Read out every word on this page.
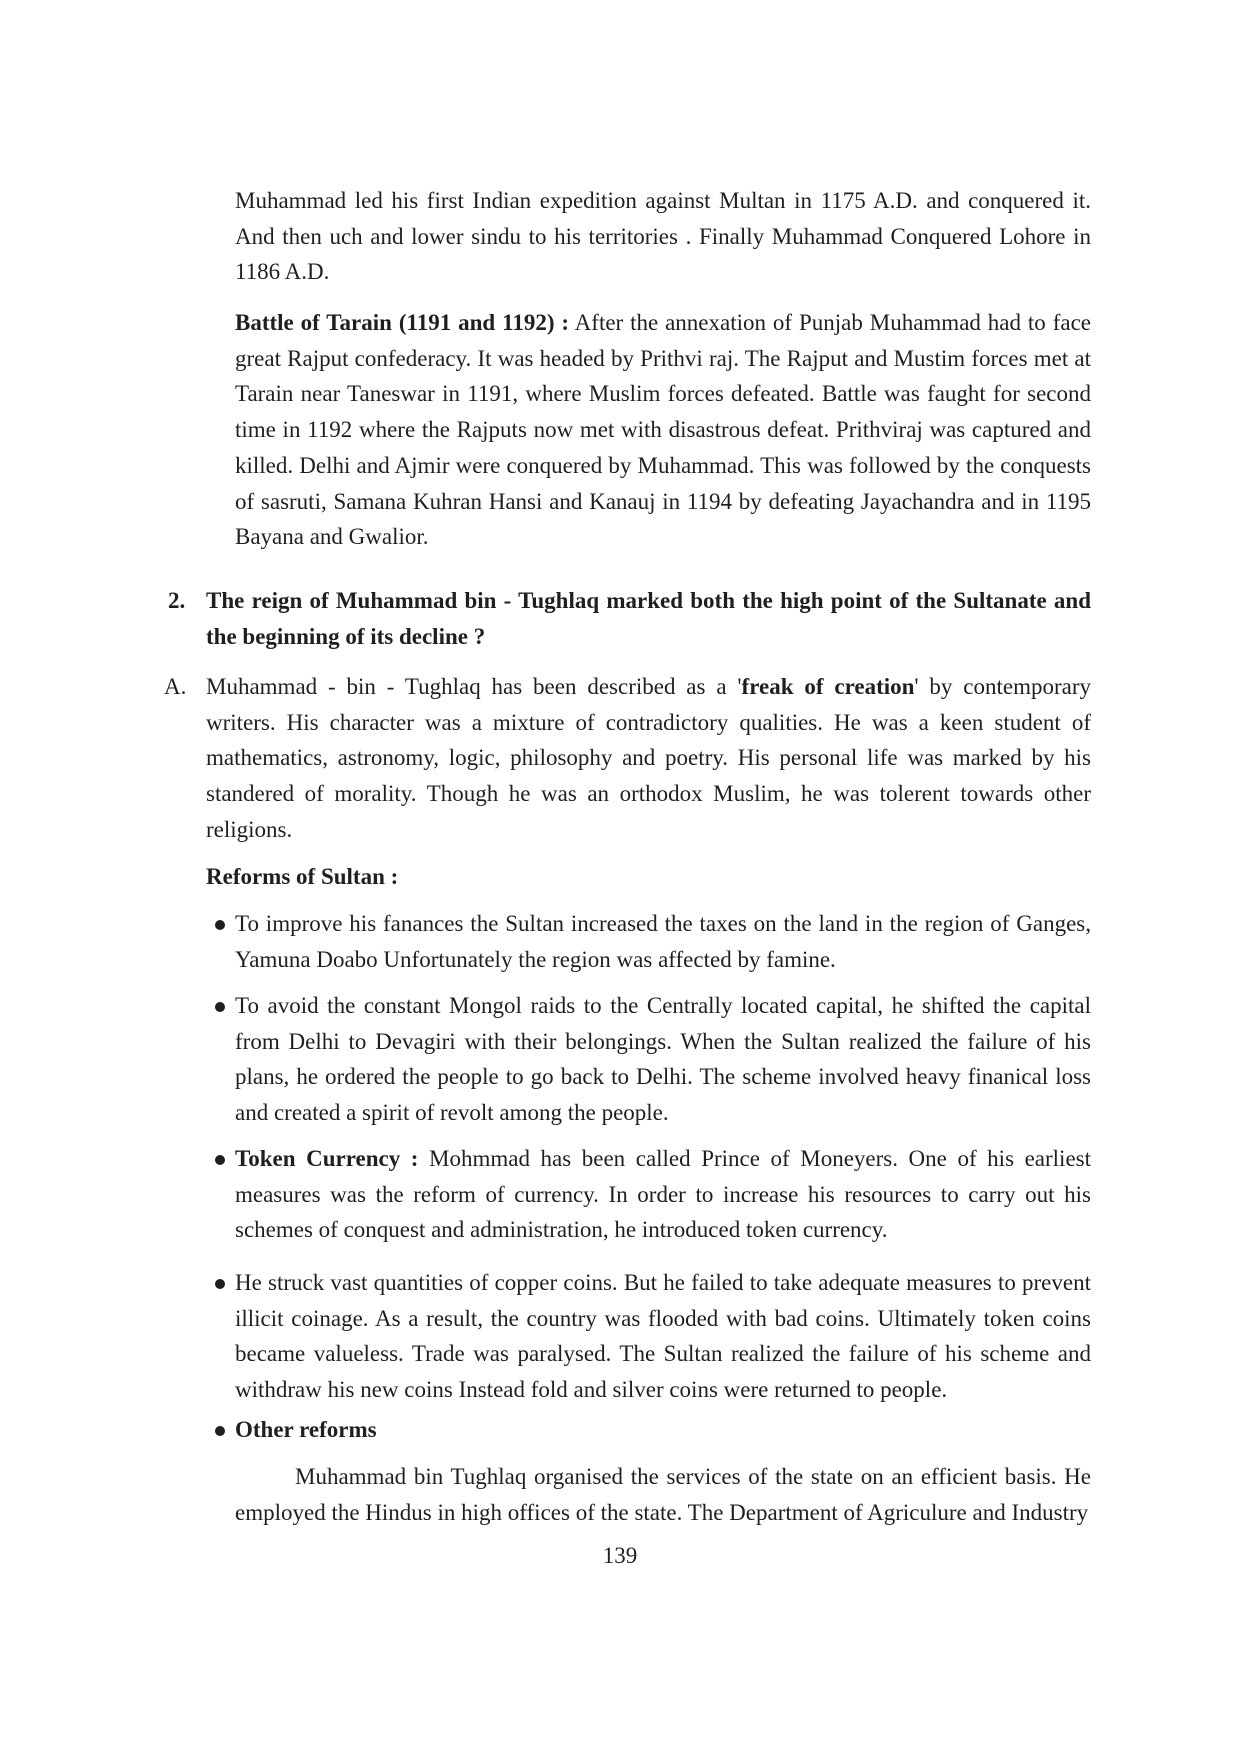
Muhammad led his first Indian expedition against Multan in 1175 A.D. and conquered it. And then uch and lower sindu to his territories . Finally Muhammad Conquered Lohore in 1186 A.D.

Battle of Tarain (1191 and 1192) : After the annexation of Punjab Muhammad had to face great Rajput confederacy. It was headed by Prithvi raj. The Rajput and Mustim forces met at Tarain near Taneswar in 1191, where Muslim forces defeated. Battle was faught for second time in 1192 where the Rajputs now met with disastrous defeat. Prithviraj was captured and killed. Delhi and Ajmir were conquered by Muhammad. This was followed by the conquests of sasruti, Samana Kuhran Hansi and Kanauj in 1194 by defeating Jayachandra and in 1195 Bayana and Gwalior.

2. The reign of Muhammad bin - Tughlaq marked both the high point of the Sultanate and the beginning of its decline ?
A. Muhammad - bin - Tughlaq has been described as a 'freak of creation' by contemporary writers. His character was a mixture of contradictory qualities. He was a keen student of mathematics, astronomy, logic, philosophy and poetry. His personal life was marked by his standered of morality. Though he was an orthodox Muslim, he was tolerent towards other religions.
Reforms of Sultan :
To improve his fanances the Sultan increased the taxes on the land in the region of Ganges, Yamuna Doabo Unfortunately the region was affected by famine.
To avoid the constant Mongol raids to the Centrally located capital, he shifted the capital from Delhi to Devagiri with their belongings. When the Sultan realized the failure of his plans, he ordered the people to go back to Delhi. The scheme involved heavy finanical loss and created a spirit of revolt among the people.
Token Currency : Mohmmad has been called Prince of Moneyers. One of his earliest measures was the reform of currency. In order to increase his resources to carry out his schemes of conquest and administration, he introduced token currency.
He struck vast quantities of copper coins. But he failed to take adequate measures to prevent illicit coinage. As a result, the country was flooded with bad coins. Ultimately token coins became valueless. Trade was paralysed. The Sultan realized the failure of his scheme and withdraw his new coins Instead fold and silver coins were returned to people.
Other reforms

Muhammad bin Tughlaq organised the services of the state on an efficient basis. He employed the Hindus in high offices of the state. The Department of Agriculure and Industry

139
